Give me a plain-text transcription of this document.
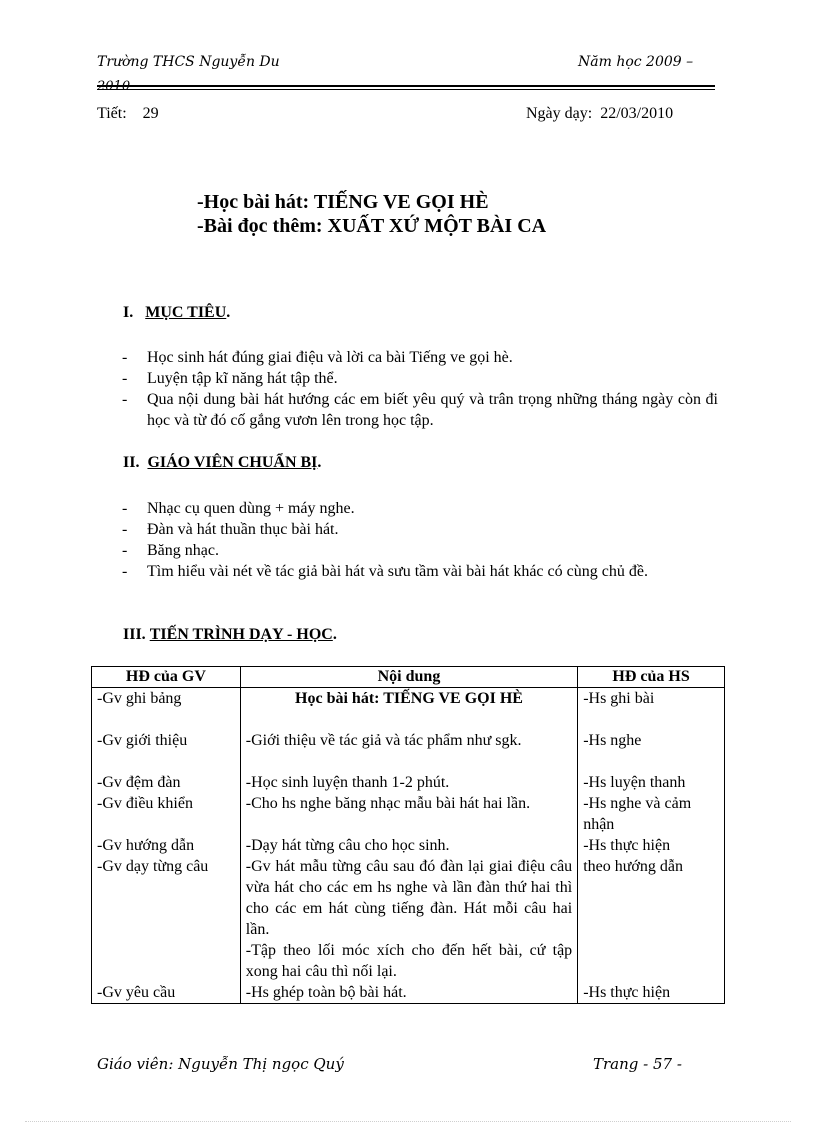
Trường THCS Nguyễn Du	Năm học 2009 –
2010
Tiết: 29	Ngày dạy: 22/03/2010
-Học bài hát: TIẾNG VE GỌI HÈ
-Bài đọc thêm: XUẤT XỨ MỘT BÀI CA
I. MỤC TIÊU.
- Học sinh hát đúng giai điệu và lời ca bài Tiếng ve gọi hè.
- Luyện tập kĩ năng hát tập thể.
- Qua nội dung bài hát hướng các em biết yêu quý và trân trọng những tháng ngày còn đi học và từ đó cố gắng vươn lên trong học tập.
II. GIÁO VIÊN CHUẨN BỊ.
- Nhạc cụ quen dùng + máy nghe.
- Đàn và hát thuần thục bài hát.
- Băng nhạc.
- Tìm hiểu vài nét về tác giả bài hát và sưu tầm vài bài hát khác có cùng chủ đề.
III. TIẾN TRÌNH DẠY - HỌC.
HĐ của GV	Nội dung	HĐ của HS
-Gv ghi bảng	Học bài hát: TIẾNG VE GỌI HÈ	-Hs ghi bài
-Gv giới thiệu	-Giới thiệu về tác giả và tác phẩm như sgk.	-Hs nghe
-Gv đệm đàn	-Học sinh luyện thanh 1-2 phút.	-Hs luyện thanh
-Gv điều khiển	-Cho hs nghe băng nhạc mẫu bài hát hai lần.	-Hs nghe và cảm nhận
-Gv hướng dẫn	-Dạy hát từng câu cho học sinh.	-Hs thực hiện
-Gv dạy từng câu	-Gv hát mẫu từng câu sau đó đàn lại giai điệu câu vừa hát cho các em hs nghe và lần đàn thứ hai thì cho các em hát cùng tiếng đàn. Hát mỗi câu hai lần.	theo hướng dẫn
	-Tập theo lối móc xích cho đến hết bài, cứ tập xong hai câu thì nối lại.	
-Gv yêu cầu	-Hs ghép toàn bộ bài hát.	-Hs thực hiện
Giáo viên: Nguyễn Thị ngọc Quý	Trang - 57 -
